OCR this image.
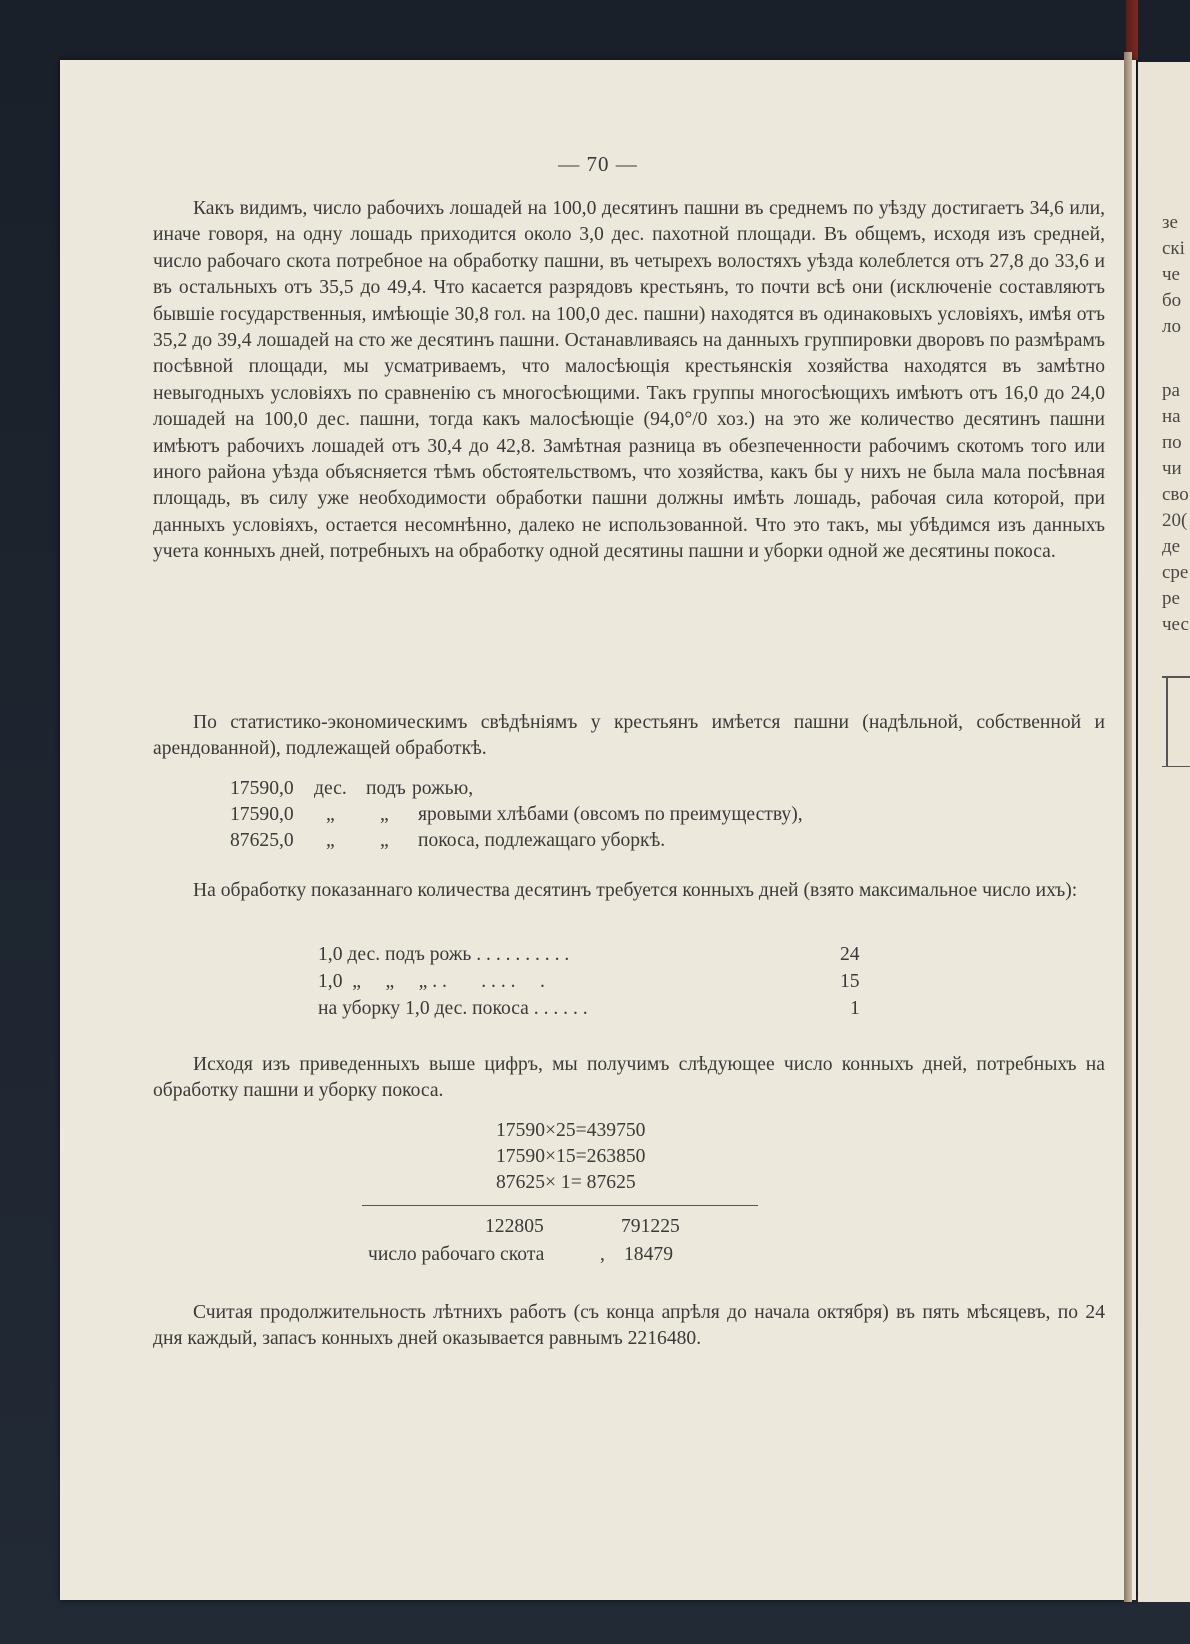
— 70 —

Какъ видимъ, число рабочихъ лошадей на 100,0 десятинъ пашни въ среднемъ по уѣзду достигаетъ 34,6 или, иначе говоря, на одну лошадь приходится около 3,0 дес. пахотной площади. Въ общемъ, исходя изъ средней, число рабочаго скота потребное на обработку пашни, въ четырехъ волостяхъ уѣзда колеблется отъ 27,8 до 33,6 и въ остальныхъ отъ 35,5 до 49,4. Что касается разрядовъ крестьянъ, то почти всѣ они (исключеніе составляютъ бывшіе государственныя, имѣющіе 30,8 гол. на 100,0 дес. пашни) находятся въ одинаковыхъ условіяхъ, имѣя отъ 35,2 до 39,4 лошадей на сто же десятинъ пашни. Останавливаясь на данныхъ группировки дворовъ по размѣрамъ посѣвной площади, мы усматриваемъ, что малосѣющія крестьянскія хозяйства находятся въ замѣтно невыгодныхъ условіяхъ по сравненію съ многосѣющими. Такъ группы многосѣющихъ имѣютъ отъ 16,0 до 24,0 лошадей на 100,0 дес. пашни, тогда какъ малосѣющіе (94,0°/0 хоз.) на это же количество десятинъ пашни имѣютъ рабочихъ лошадей отъ 30,4 до 42,8. Замѣтная разница въ обезпеченности рабочимъ скотомъ того или иного района уѣзда объясняется тѣмъ обстоятельствомъ, что хозяйства, какъ бы у нихъ не была мала посѣвная площадь, въ силу уже необходимости обработки пашни должны имѣть лошадь, рабочая сила которой, при данныхъ условіяхъ, остается несомнѣнно, далеко не использованной. Что это такъ, мы убѣдимся изъ данныхъ учета конныхъ дней, потребныхъ на обработку одной десятины пашни и уборки одной же десятины покоса.

По статистико-экономическимъ свѣдѣніямъ у крестьянъ имѣется пашни (надѣльной, собственной и арендованной), подлежащей обработкѣ.

17590,0 дес. подъ рожью,
17590,0 „ „ яровыми хлѣбами (овсомъ по преимуществу),
87625,0 „ „ покоса, подлежащаго уборкѣ.

На обработку показаннаго количества десятинъ требуется конныхъ дней (взято максимальное число ихъ):

1,0 дес. подъ рожь . . . . . . . . . .	24
1,0  „     „     „ . .       . . . .     .	15
на уборку 1,0 дес. покоса . . . . . .	1

Исходя изъ приведенныхъ выше цифръ, мы получимъ слѣдующее число конныхъ дней, потребныхъ на обработку пашни и уборку покоса.

17590×25=439750
17590×15=263850
87625× 1= 87625
122805	791225
число рабочаго скота	, 18479

Считая продолжительность лѣтнихъ работъ (съ конца апрѣля до начала октября) въ пять мѣсяцевъ, по 24 дня каждый, запасъ конныхъ дней оказывается равнымъ 2216480.

зе
скі
че
бо
ло
ра
на
по
чи
сво
20(
де
сре
ре
чес
